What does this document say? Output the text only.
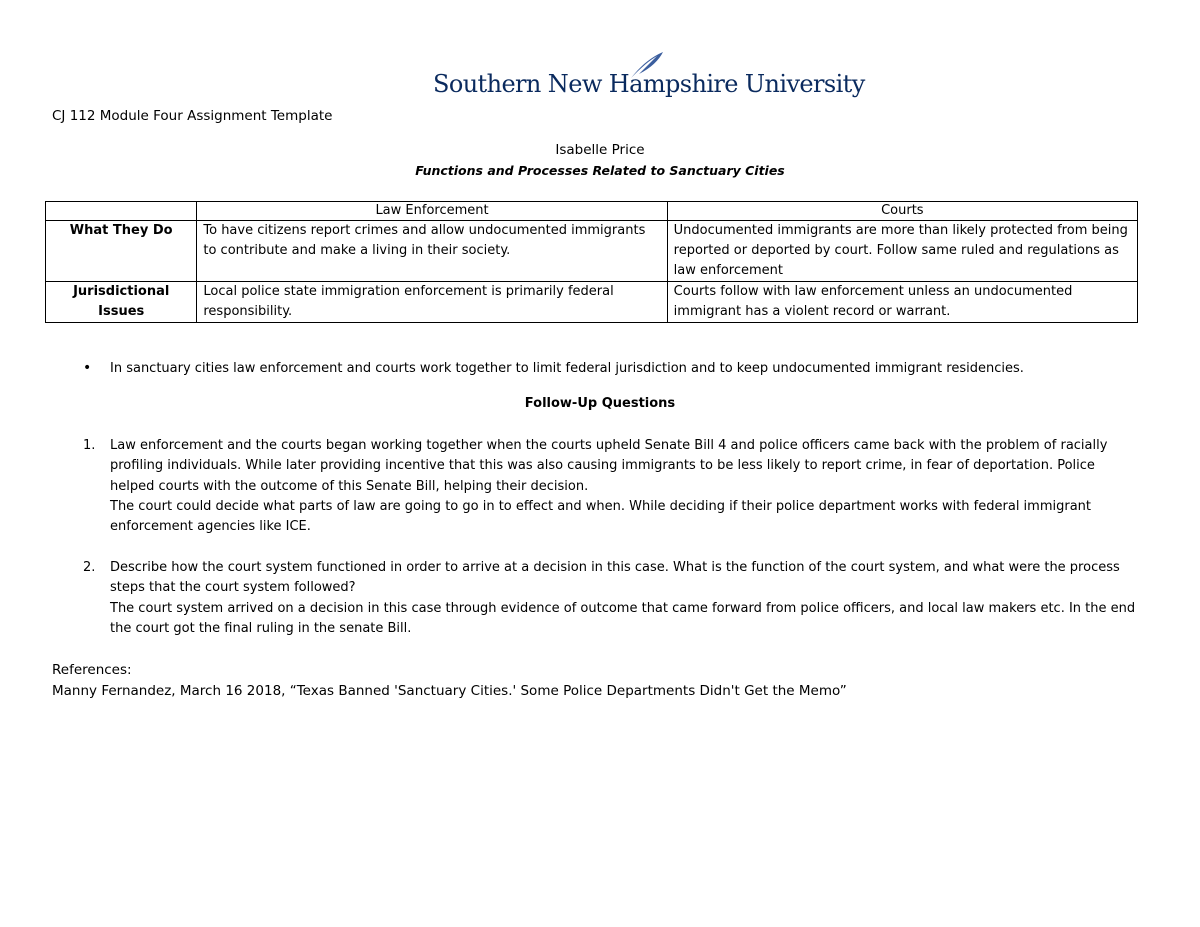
Southern New Hampshire University
CJ 112 Module Four Assignment Template
Isabelle Price
Functions and Processes Related to Sanctuary Cities
	Law Enforcement	Courts
What They Do	To have citizens report crimes and allow undocumented immigrants to contribute and make a living in their society.	Undocumented immigrants are more than likely protected from being reported or deported by court. Follow same ruled and regulations as law enforcement
Jurisdictional Issues	Local police state immigration enforcement is primarily federal responsibility.	Courts follow with law enforcement unless an undocumented immigrant has a violent record or warrant.
• In sanctuary cities law enforcement and courts work together to limit federal jurisdiction and to keep undocumented immigrant residencies.
Follow-Up Questions
1. Law enforcement and the courts began working together when the courts upheld Senate Bill 4 and police officers came back with the problem of racially profiling individuals. While later providing incentive that this was also causing immigrants to be less likely to report crime, in fear of deportation. Police helped courts with the outcome of this Senate Bill, helping their decision.
The court could decide what parts of law are going to go in to effect and when. While deciding if their police department works with federal immigrant enforcement agencies like ICE.
2. Describe how the court system functioned in order to arrive at a decision in this case. What is the function of the court system, and what were the process steps that the court system followed?
The court system arrived on a decision in this case through evidence of outcome that came forward from police officers, and local law makers etc. In the end the court got the final ruling in the senate Bill.
References:
Manny Fernandez, March 16 2018, “Texas Banned 'Sanctuary Cities.' Some Police Departments Didn't Get the Memo”
